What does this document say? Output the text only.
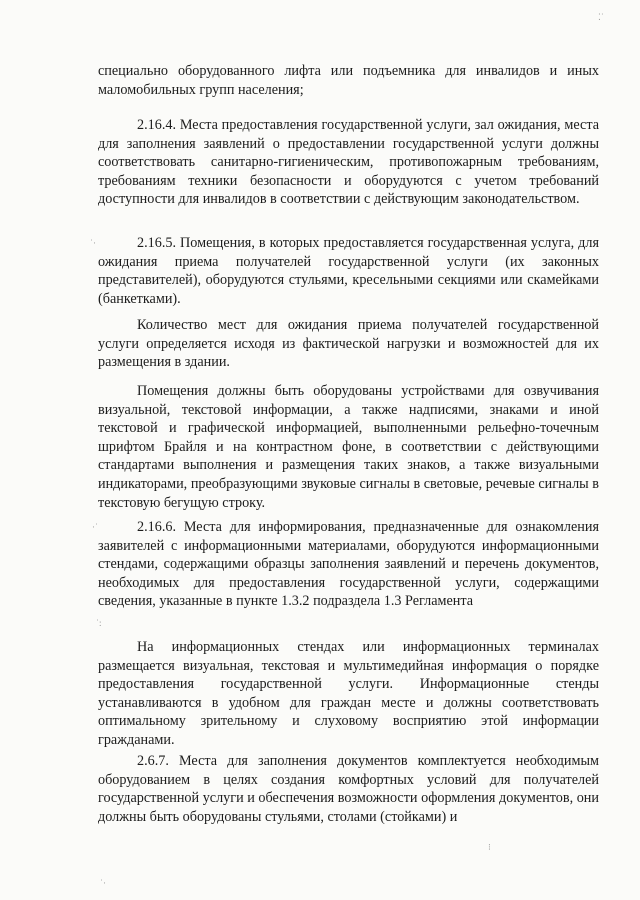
специально оборудованного лифта или подъемника для инвалидов и иных маломобильных групп населения;

2.16.4. Места предоставления государственной услуги, зал ожидания, места для заполнения заявлений о предоставлении государственной услуги должны соответствовать санитарно-гигиеническим, противопожарным требованиям, требованиям техники безопасности и оборудуются с учетом требований доступности для инвалидов в соответствии с действующим законодательством.

2.16.5. Помещения, в которых предоставляется государственная услуга, для ожидания приема получателей государственной услуги (их законных представителей), оборудуются стульями, кресельными секциями или скамейками (банкетками).

Количество мест для ожидания приема получателей государственной услуги определяется исходя из фактической нагрузки и возможностей для их размещения в здании.

Помещения должны быть оборудованы устройствами для озвучивания визуальной, текстовой информации, а также надписями, знаками и иной текстовой и графической информацией, выполненными рельефно-точечным шрифтом Брайля и на контрастном фоне, в соответствии с действующими стандартами выполнения и размещения таких знаков, а также визуальными индикаторами, преобразующими звуковые сигналы в световые, речевые сигналы в текстовую бегущую строку.

2.16.6. Места для информирования, предназначенные для ознакомления заявителей с информационными материалами, оборудуются информационными стендами, содержащими образцы заполнения заявлений и перечень документов, необходимых для предоставления государственной услуги, содержащими сведения, указанные в пункте 1.3.2 подраздела 1.3 Регламента

На информационных стендах или информационных терминалах размещается визуальная, текстовая и мультимедийная информация о порядке предоставления государственной услуги. Информационные стенды устанавливаются в удобном для граждан месте и должны соответствовать оптимальному зрительному и слуховому восприятию этой информации гражданами.

2.6.7. Места для заполнения документов комплектуется необходимым оборудованием в целях создания комфортных условий для получателей государственной услуги и обеспечения возможности оформления документов, они должны быть оборудованы стульями, столами (стойками) и

⁚˙
˙·
·˙
˙:
⁝
˙·
